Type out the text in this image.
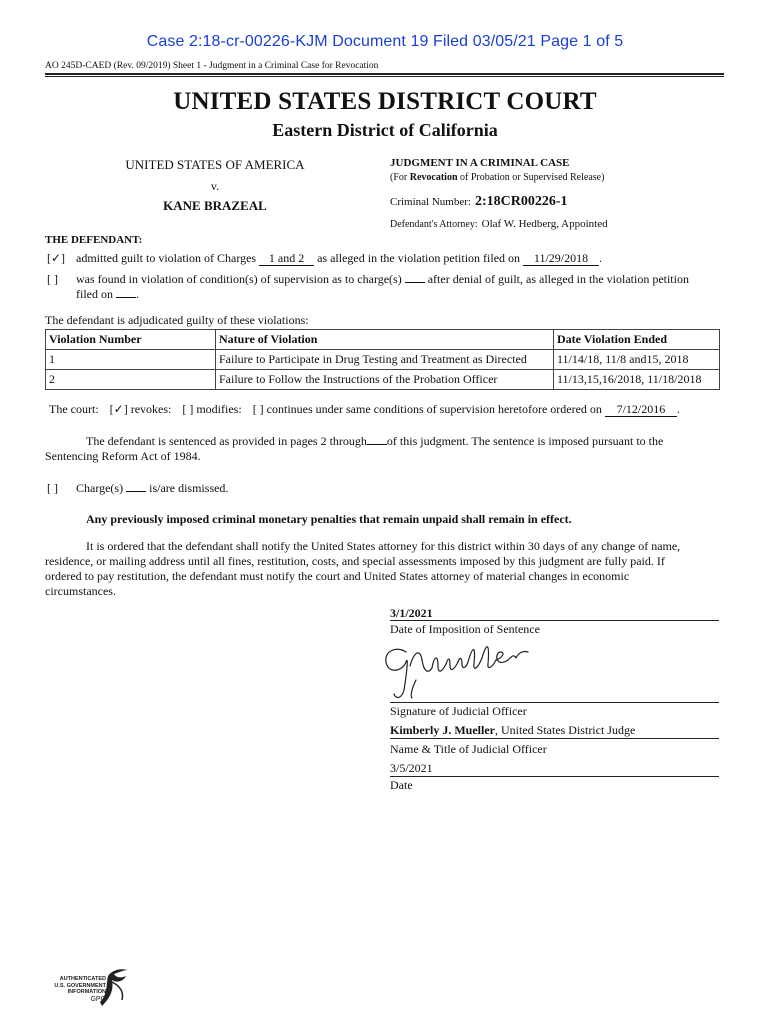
Case 2:18-cr-00226-KJM Document 19 Filed 03/05/21 Page 1 of 5
AO 245D-CAED (Rev. 09/2019) Sheet 1 - Judgment in a Criminal Case for Revocation
UNITED STATES DISTRICT COURT
Eastern District of California
UNITED STATES OF AMERICA
v.
KANE BRAZEAL
JUDGMENT IN A CRIMINAL CASE
(For Revocation of Probation or Supervised Release)
Criminal Number: 2:18CR00226-1
Defendant's Attorney: Olaf W. Hedberg, Appointed
THE DEFENDANT:
[✓] admitted guilt to violation of Charges 1 and 2 as alleged in the violation petition filed on 11/29/2018 .
[ ] was found in violation of condition(s) of supervision as to charge(s) after denial of guilt, as alleged in the violation petition
filed on .
The defendant is adjudicated guilty of these violations:
Violation Number	Nature of Violation	Date Violation Ended
1	Failure to Participate in Drug Testing and Treatment as Directed	11/14/18, 11/8 and15, 2018
2	Failure to Follow the Instructions of the Probation Officer	11/13,15,16/2018, 11/18/2018
The court: [✓] revokes: [ ] modifies: [ ] continues under same conditions of supervision heretofore ordered on 7/12/2016 .
The defendant is sentenced as provided in pages 2 through of this judgment. The sentence is imposed pursuant to the
Sentencing Reform Act of 1984.
[ ] Charge(s) is/are dismissed.
Any previously imposed criminal monetary penalties that remain unpaid shall remain in effect.
It is ordered that the defendant shall notify the United States attorney for this district within 30 days of any change of name,
residence, or mailing address until all fines, restitution, costs, and special assessments imposed by this judgment are fully paid. If
ordered to pay restitution, the defendant must notify the court and United States attorney of material changes in economic
circumstances.
3/1/2021
Date of Imposition of Sentence
Signature of Judicial Officer
Kimberly J. Mueller, United States District Judge
Name & Title of Judicial Officer
3/5/2021
Date
AUTHENTICATED
U.S. GOVERNMENT
INFORMATION
GPO
